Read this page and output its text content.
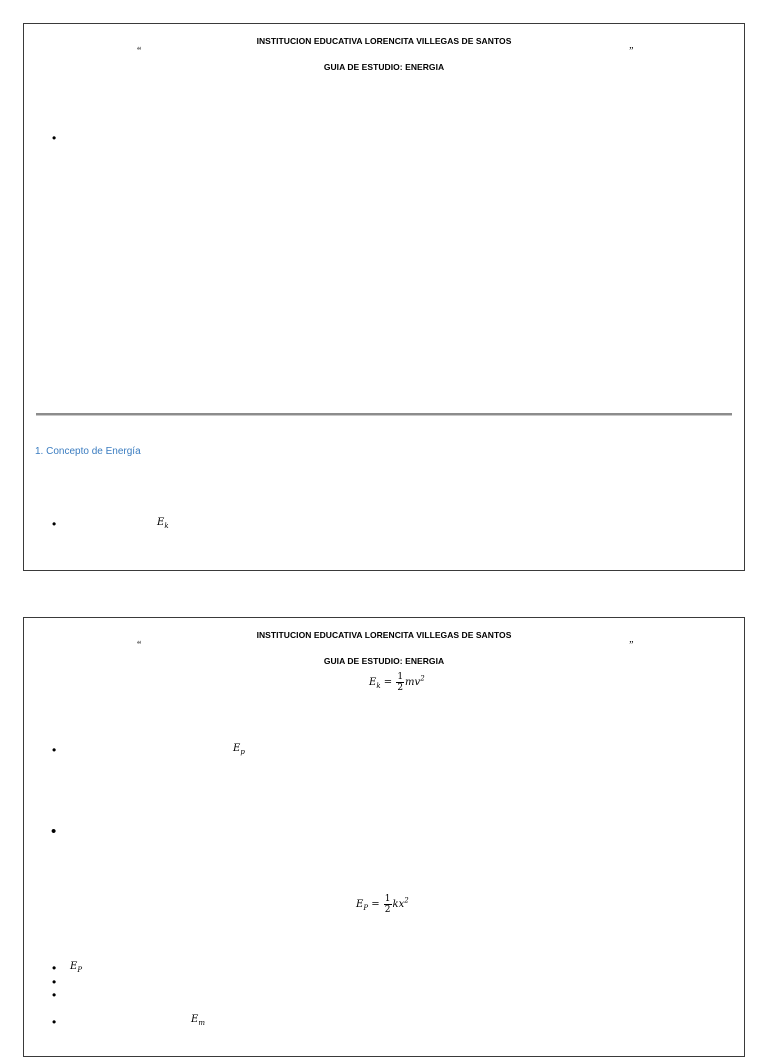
INSTITUCION EDUCATIVA LORENCITA VILLEGAS DE SANTOS
“	”
GUIA DE ESTUDIO: ENERGIA
•
1. Concepto de Energía
•	$E_k$
INSTITUCION EDUCATIVA LORENCITA VILLEGAS DE SANTOS
“	”
GUIA DE ESTUDIO: ENERGIA
$E_k = \frac{1}{2} mv^2$
•	$E_p$
•
$E_P = \frac{1}{2} kx^2$
• $E_P$
•
•
•	$E_m$
